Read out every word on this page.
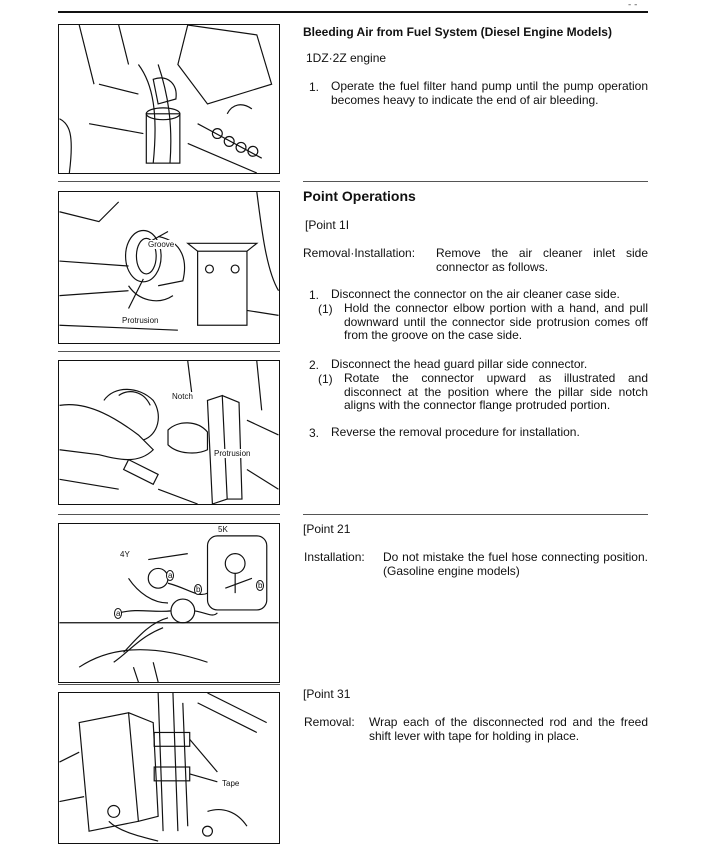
- -
Groove
Protrusion
Notch
Protrusion
5K
4Y
a
b	b
a
Tape
Bleeding Air from Fuel System (Diesel Engine Models)
1DZ·2Z engine
1. Operate the fuel filter hand pump until the pump operation becomes heavy to indicate the end of air bleeding.
Point Operations
[Point 1I
Removal·Installation: Remove the air cleaner inlet side connector as follows.
1. Disconnect the connector on the air cleaner case side.
(1) Hold the connector elbow portion with a hand, and pull downward until the connector side protrusion comes off from the groove on the case side.
2. Disconnect the head guard pillar side connector.
(1) Rotate the connector upward as illustrated and disconnect at the position where the pillar side notch aligns with the connector flange protruded portion.
3. Reverse the removal procedure for installation.
[Point 21
Installation: Do not mistake the fuel hose connecting position. (Gasoline engine models)
[Point 31
Removal: Wrap each of the disconnected rod and the freed shift lever with tape for holding in place.
